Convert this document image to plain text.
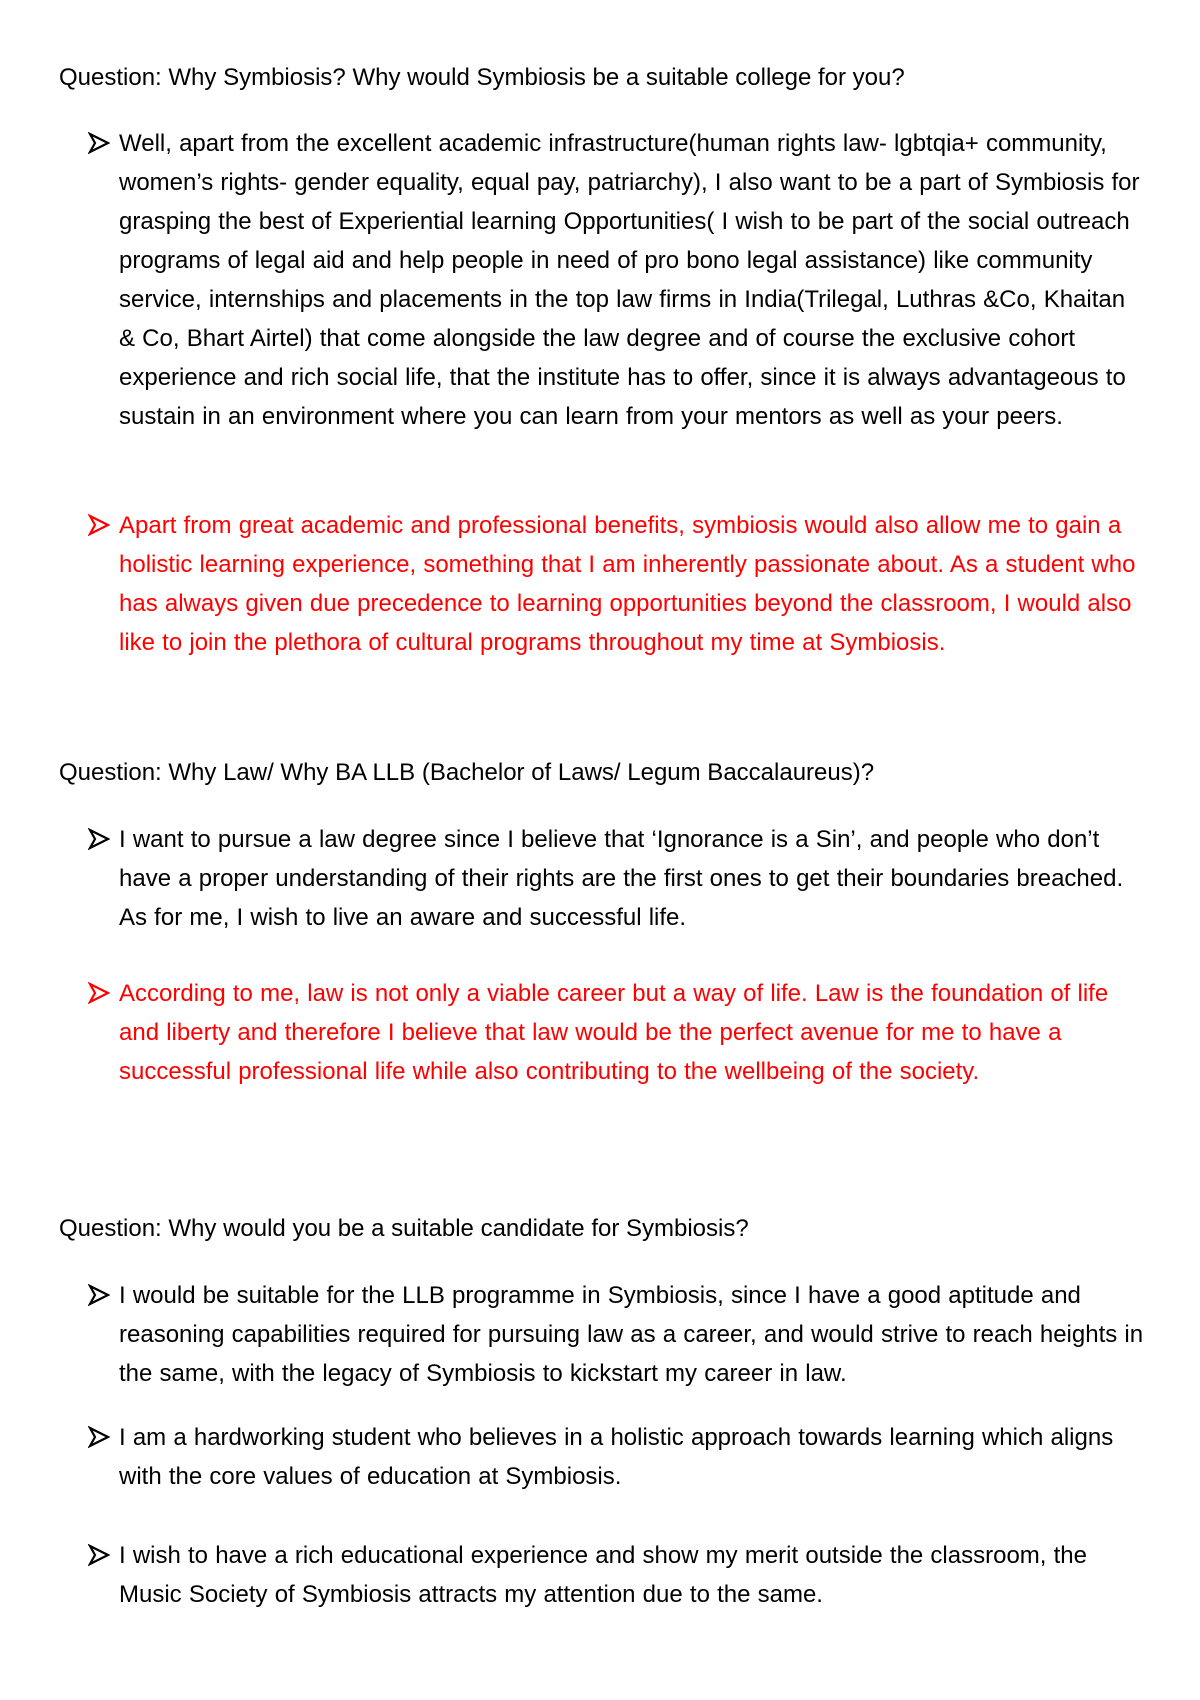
Question: Why Symbiosis? Why would Symbiosis be a suitable college for you?
Well, apart from the excellent academic infrastructure(human rights law- lgbtqia+ community, women’s rights- gender equality, equal pay, patriarchy), I also want to be a part of Symbiosis for grasping the best of Experiential learning Opportunities( I wish to be part of the social outreach programs of legal aid and help people in need of pro bono legal assistance) like community service, internships and placements in the top law firms in India(Trilegal, Luthras &Co, Khaitan & Co, Bhart Airtel) that come alongside the law degree and of course the exclusive cohort experience and rich social life, that the institute has to offer, since it is always advantageous to sustain in an environment where you can learn from your mentors as well as your peers.
Apart from great academic and professional benefits, symbiosis would also allow me to gain a holistic learning experience, something that I am inherently passionate about. As a student who has always given due precedence to learning opportunities beyond the classroom, I would also like to join the plethora of cultural programs throughout my time at Symbiosis.
Question: Why Law/ Why BA LLB (Bachelor of Laws/ Legum Baccalaureus)?
I want to pursue a law degree since I believe that ‘Ignorance is a Sin’, and people who don’t have a proper understanding of their rights are the first ones to get their boundaries breached. As for me, I wish to live an aware and successful life.
According to me, law is not only a viable career but a way of life. Law is the foundation of life and liberty and therefore I believe that law would be the perfect avenue for me to have a successful professional life while also contributing to the wellbeing of the society.
Question: Why would you be a suitable candidate for Symbiosis?
I would be suitable for the LLB programme in Symbiosis, since I have a good aptitude and reasoning capabilities required for pursuing law as a career, and would strive to reach heights in the same, with the legacy of Symbiosis to kickstart my career in law.
I am a hardworking student who believes in a holistic approach towards learning which aligns with the core values of education at Symbiosis.
I wish to have a rich educational experience and show my merit outside the classroom, the Music Society of Symbiosis attracts my attention due to the same.
